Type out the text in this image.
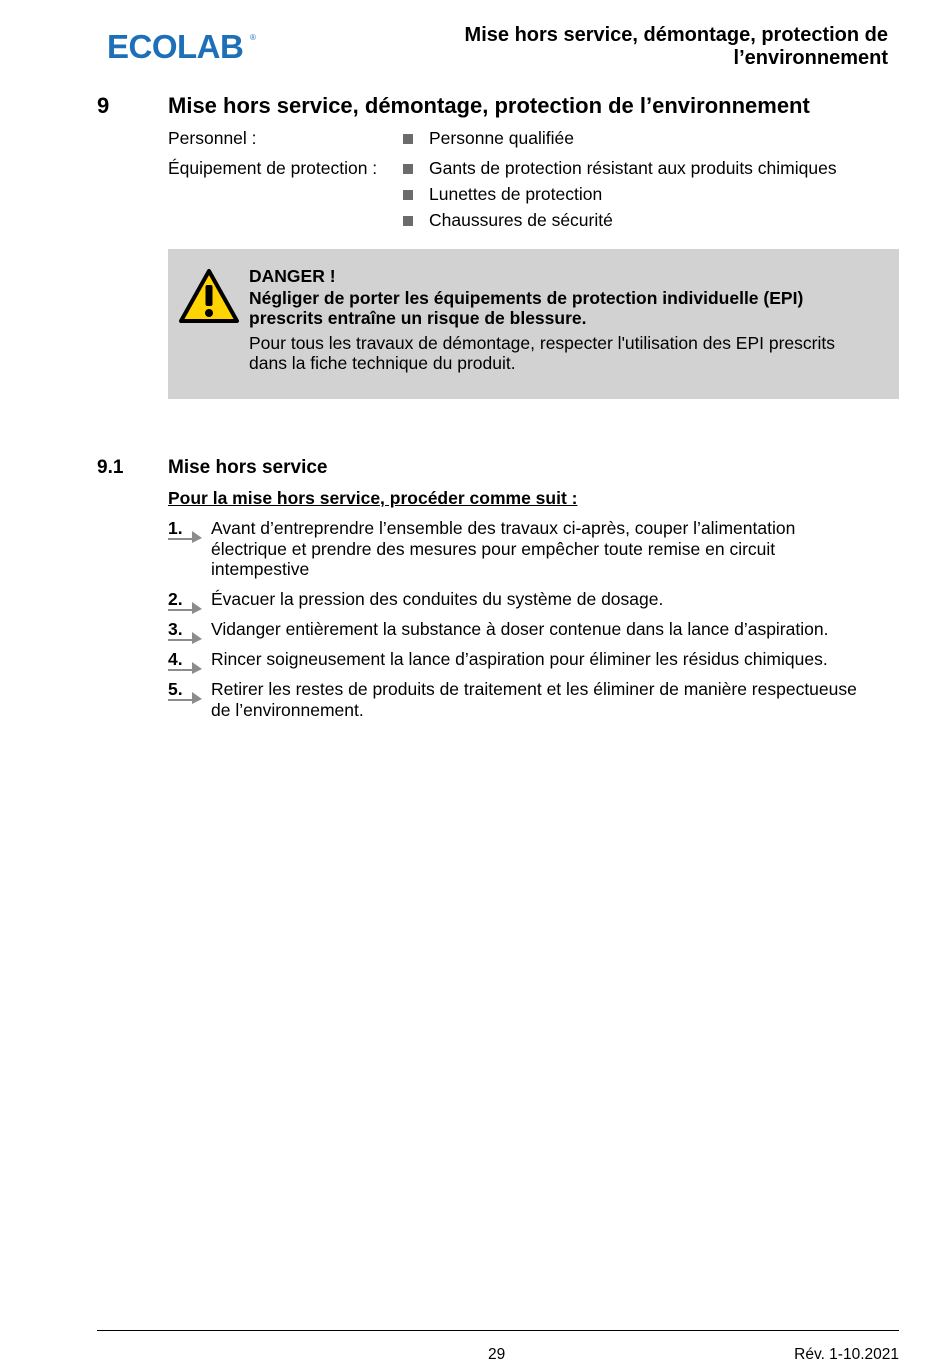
ECOLAB ®	Mise hors service, démontage, protection de
l’environnement
9	Mise hors service, démontage, protection de l’environnement
Personnel :	Personne qualifiée
Équipement de protection :	Gants de protection résistant aux produits chimiques
Lunettes de protection
Chaussures de sécurité

DANGER !

Négliger de porter les équipements de protection individuelle (EPI)

prescrits entraîne un risque de blessure.

Pour tous les travaux de démontage, respecter l'utilisation des EPI prescrits

dans la fiche technique du produit.

9.1 Mise hors service
Pour la mise hors service, procéder comme suit :
1. Avant d’entreprendre l’ensemble des travaux ci-après, couper l’alimentation
électrique et prendre des mesures pour empêcher toute remise en circuit
intempestive
2. Évacuer la pression des conduites du système de dosage.
3. Vidanger entièrement la substance à doser contenue dans la lance d’aspiration.
4. Rincer soigneusement la lance d’aspiration pour éliminer les résidus chimiques.
5. Retirer les restes de produits de traitement et les éliminer de manière respectueuse
de l’environnement.
29	Rév. 1-10.2021
